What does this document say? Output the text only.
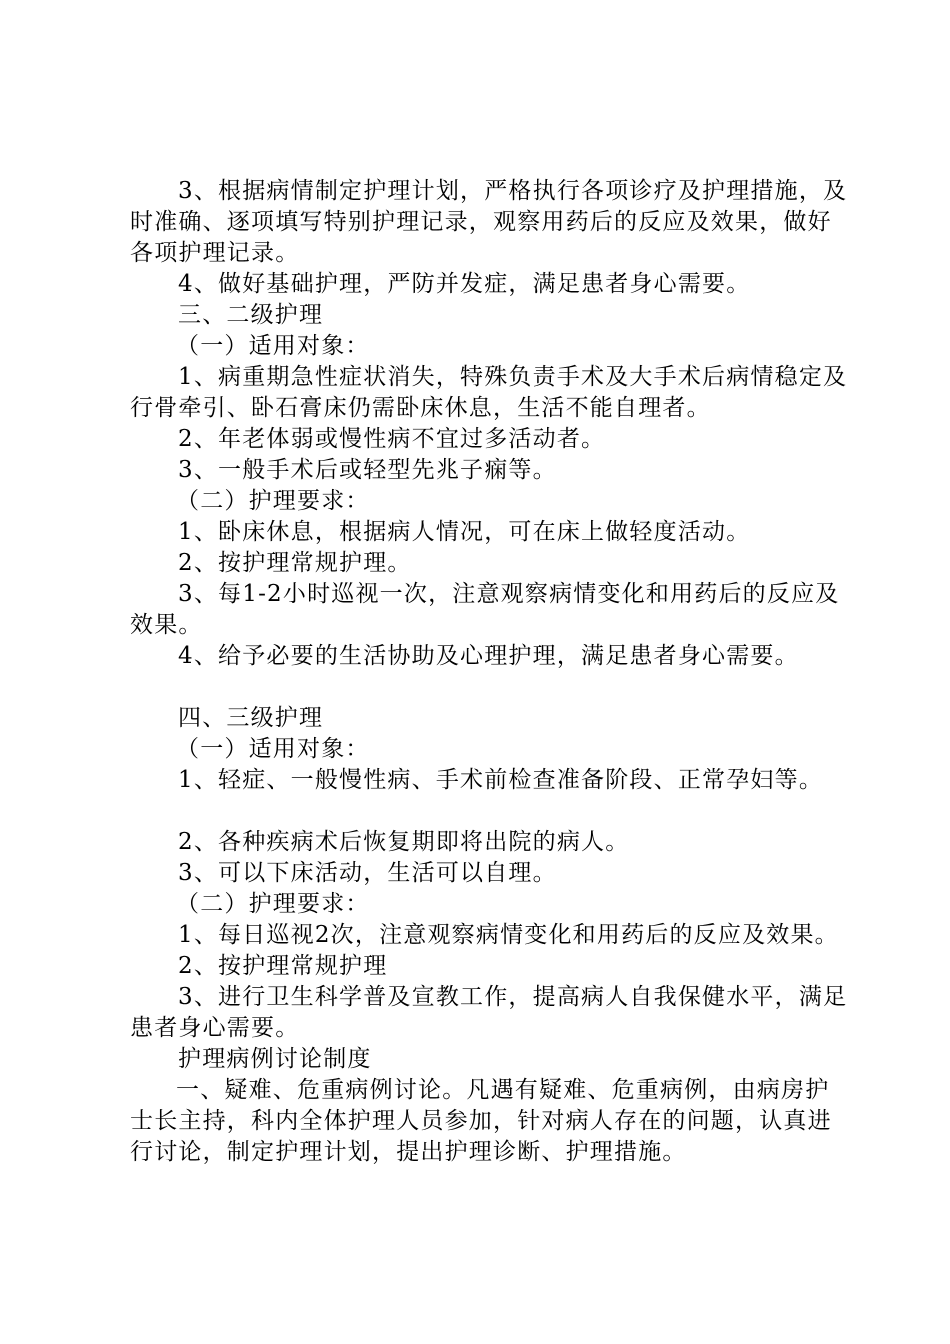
3、根据病情制定护理计划，严格执行各项诊疗及护理措施，及时准确、逐项填写特别护理记录，观察用药后的反应及效果，做好各项护理记录。

4、做好基础护理，严防并发症，满足患者身心需要。

三、二级护理

（一）适用对象：

1、病重期急性症状消失，特殊负责手术及大手术后病情稳定及行骨牵引、卧石膏床仍需卧床休息，生活不能自理者。

2、年老体弱或慢性病不宜过多活动者。

3、一般手术后或轻型先兆子痫等。

（二）护理要求：

1、卧床休息，根据病人情况，可在床上做轻度活动。

2、按护理常规护理。

3、每1-2小时巡视一次，注意观察病情变化和用药后的反应及效果。

4、给予必要的生活协助及心理护理，满足患者身心需要。

四、三级护理

（一）适用对象：

1、轻症、一般慢性病、手术前检查准备阶段、正常孕妇等。

2、各种疾病术后恢复期即将出院的病人。

3、可以下床活动，生活可以自理。

（二）护理要求：

1、每日巡视2次，注意观察病情变化和用药后的反应及效果。

2、按护理常规护理

3、进行卫生科学普及宣教工作，提高病人自我保健水平，满足患者身心需要。

护理病例讨论制度

一、疑难、危重病例讨论。凡遇有疑难、危重病例，由病房护士长主持，科内全体护理人员参加，针对病人存在的问题，认真进行讨论，制定护理计划，提出护理诊断、护理措施。
